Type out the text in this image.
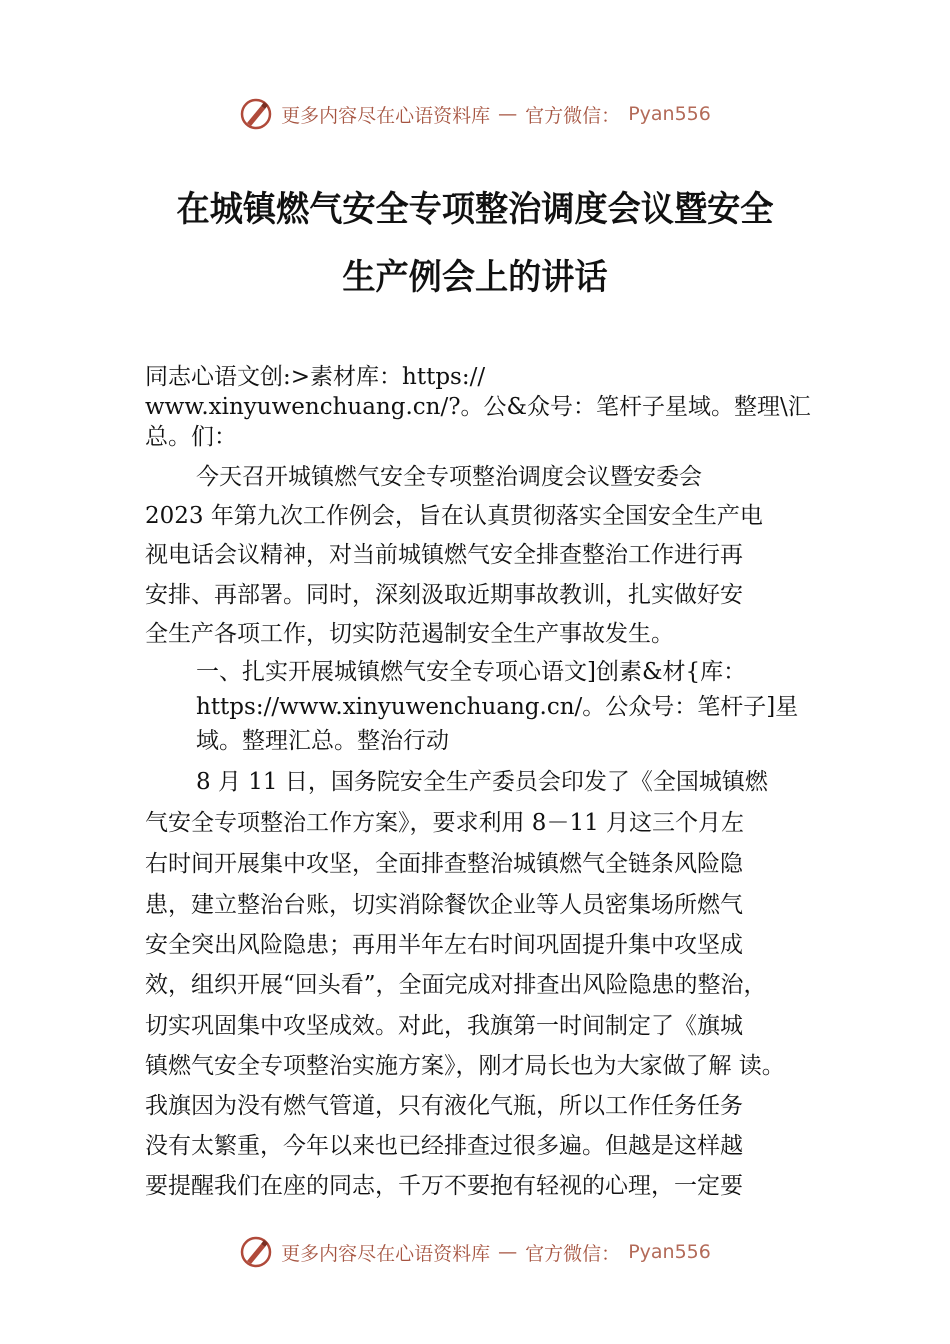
更多内容尽在心语资料库 — 官方微信： Pyan556
在城镇燃气安全专项整治调度会议暨安全
生产例会上的讲话
同志心语文创:>素材库：https://
www.xinyuwenchuang.cn/?。公&众号：笔杆子星域。整理\汇
总。们：
今天召开城镇燃气安全专项整治调度会议暨安委会
2023 年第九次工作例会，旨在认真贯彻落实全国安全生产电
视电话会议精神，对当前城镇燃气安全排查整治工作进行再
安排、再部署。同时，深刻汲取近期事故教训，扎实做好安
全生产各项工作，切实防范遏制安全生产事故发生。
一、扎实开展城镇燃气安全专项心语文]创素&材{库：
https://www.xinyuwenchuang.cn/。公众号：笔杆子]星
域。整理汇总。整治行动
8 月 11 日，国务院安全生产委员会印发了《全国城镇燃
气安全专项整治工作方案》，要求利用 8－11 月这三个月左
右时间开展集中攻坚，全面排查整治城镇燃气全链条风险隐
患，建立整治台账，切实消除餐饮企业等人员密集场所燃气
安全突出风险隐患；再用半年左右时间巩固提升集中攻坚成
效，组织开展“回头看”，全面完成对排查出风险隐患的整治，
切实巩固集中攻坚成效。对此，我旗第一时间制定了《旗城
镇燃气安全专项整治实施方案》，刚才局长也为大家做了解 读。
我旗因为没有燃气管道，只有液化气瓶，所以工作任务任务
没有太繁重，今年以来也已经排查过很多遍。但越是这样越
要提醒我们在座的同志，千万不要抱有轻视的心理，一定要
更多内容尽在心语资料库 — 官方微信： Pyan556
